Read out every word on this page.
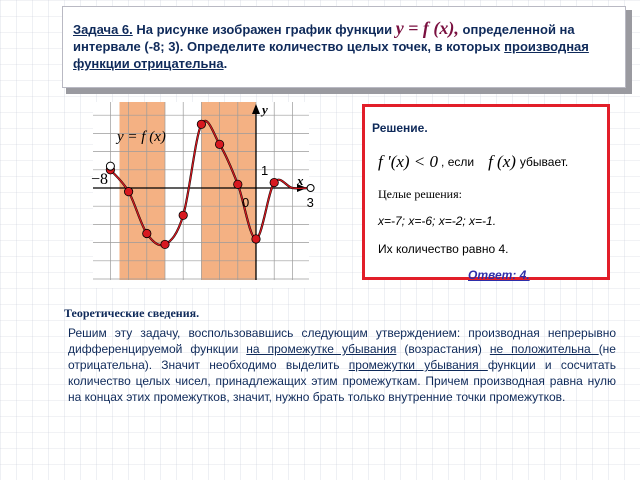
Задача 6. На рисунке изображен график функции y = f (x), определенной на интервале (-8; 3). Определите количество целых точек, в которых производная функции отрицательна.
y
x
y = f (x)
1
−8
0	3
Решение.
f ′(x) < 0 , если f (x) убывает.
Целые решения:
x=-7; x=-6; x=-2; x=-1.
Их количество равно 4.
Ответ: 4.
Теоретические сведения.
Решим эту задачу, воспользовавшись следующим утверждением: производная непрерывно дифференцируемой функции на промежутке убывания (возрастания) не положительна (не отрицательна). Значит необходимо выделить промежутки убывания функции и сосчитать количество целых чисел, принадлежащих этим промежуткам. Причем производная равна нулю на концах этих промежутков, значит, нужно брать только внутренние точки промежутков.
